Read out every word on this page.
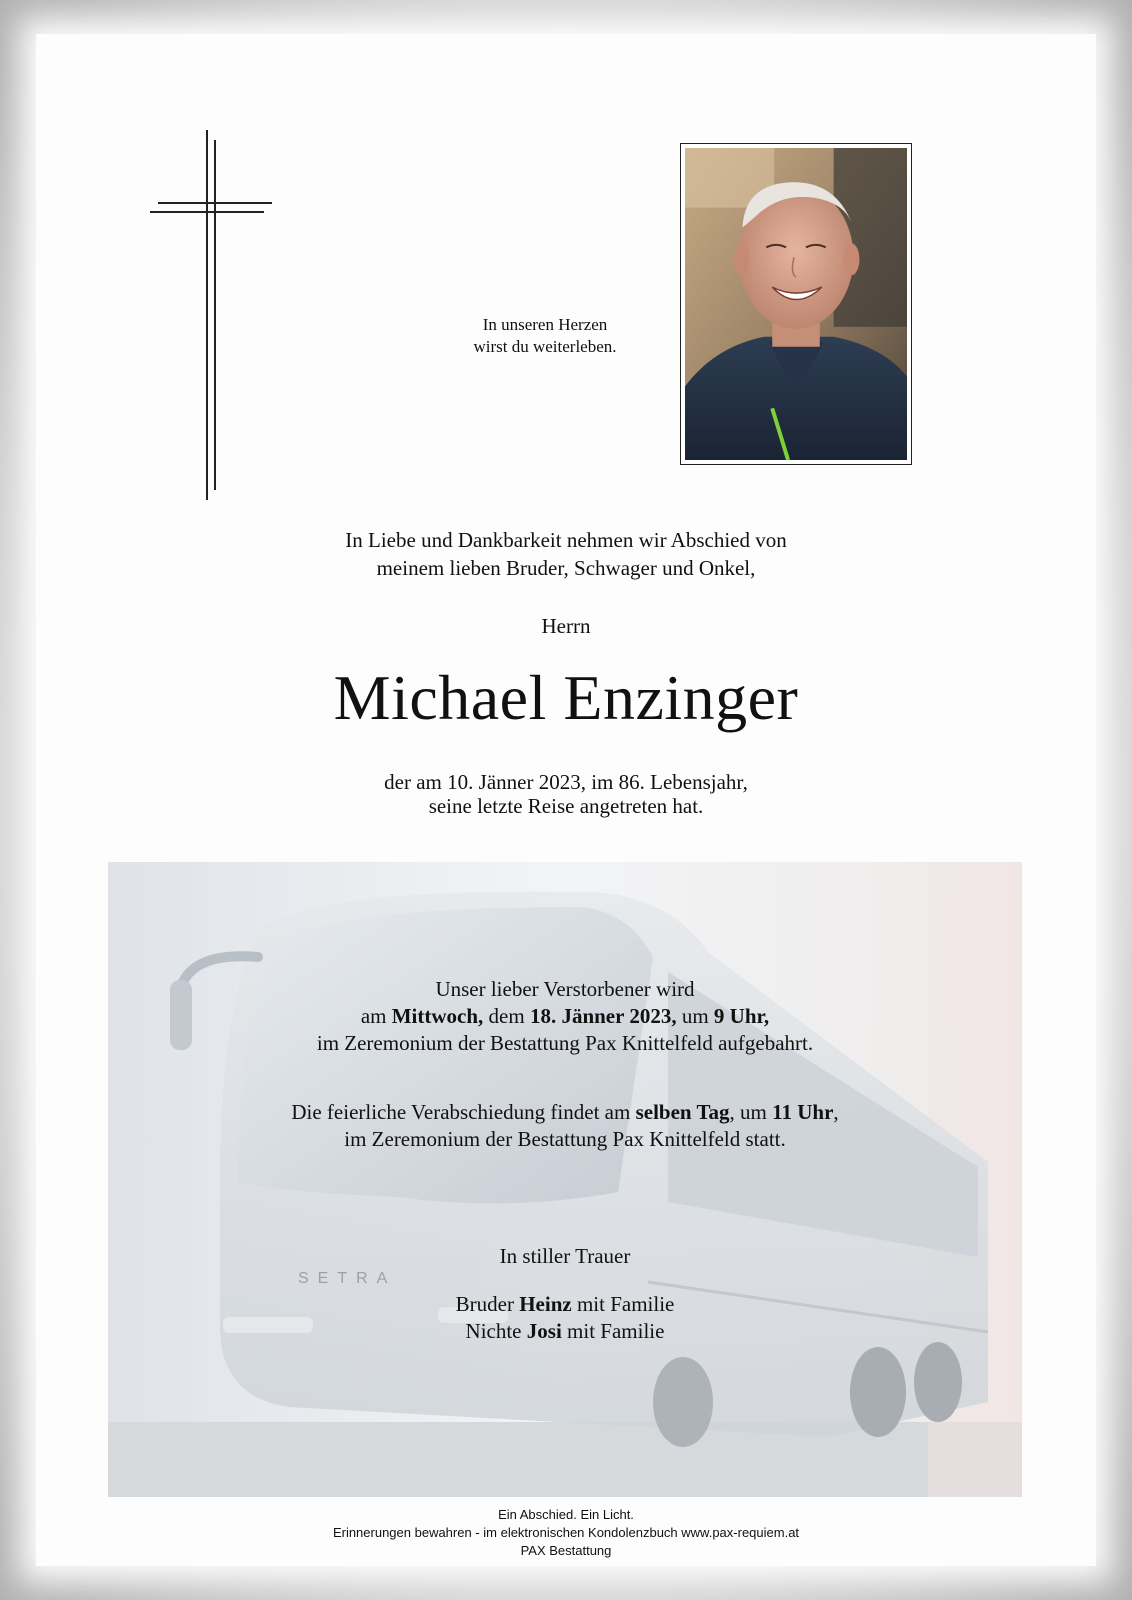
In unseren Herzen
wirst du weiterleben.
In Liebe und Dankbarkeit nehmen wir Abschied von
meinem lieben Bruder, Schwager und Onkel,
Herrn
Michael Enzinger
der am 10. Jänner 2023, im 86. Lebensjahr,
seine letzte Reise angetreten hat.
SETRA
Unser lieber Verstorbener wird
am Mittwoch, dem 18. Jänner 2023, um 9 Uhr,
im Zeremonium der Bestattung Pax Knittelfeld aufgebahrt.
Die feierliche Verabschiedung findet am selben Tag, um 11 Uhr,
im Zeremonium der Bestattung Pax Knittelfeld statt.
In stiller Trauer
Bruder Heinz mit Familie
Nichte Josi mit Familie
Ein Abschied. Ein Licht.
Erinnerungen bewahren - im elektronischen Kondolenzbuch www.pax-requiem.at
PAX Bestattung
